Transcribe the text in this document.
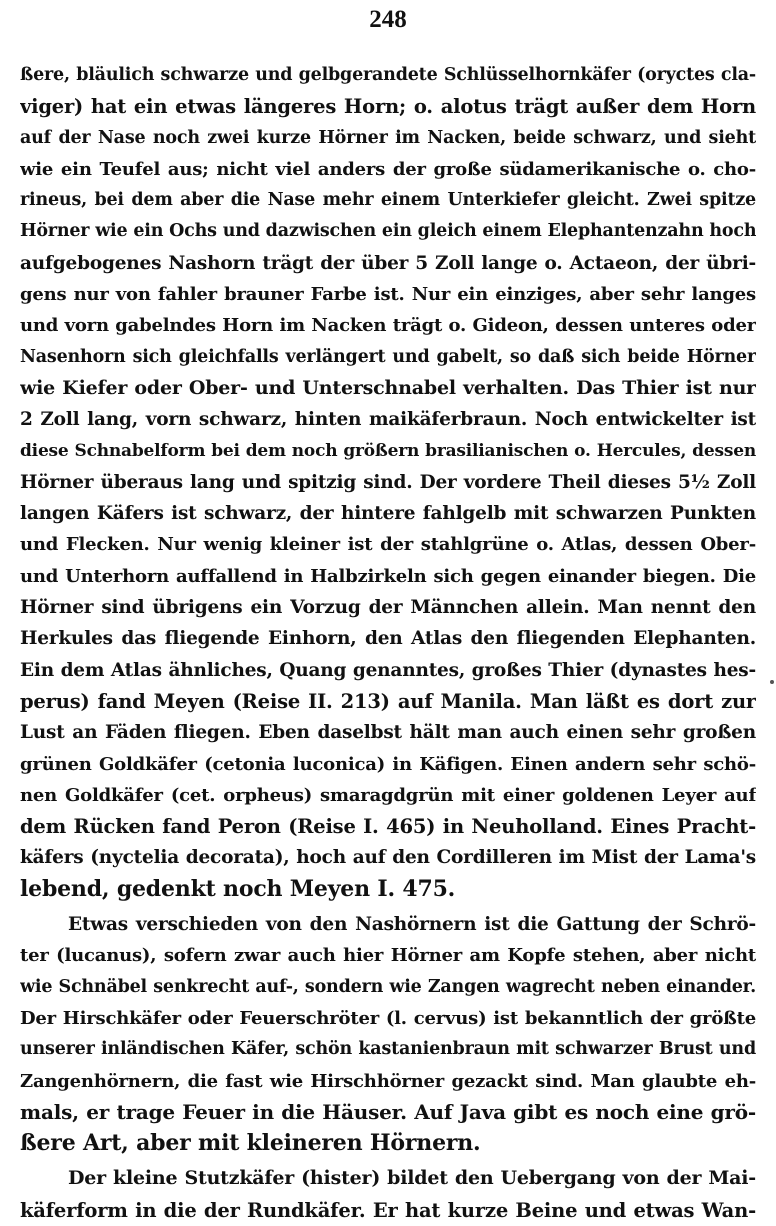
248
ßere, bläulich schwarze und gelbgerandete Schlüsselhornkäfer (oryctes cla-
viger) hat ein etwas längeres Horn; o. alotus trägt außer dem Horn
auf der Nase noch zwei kurze Hörner im Nacken, beide schwarz, und sieht
wie ein Teufel aus; nicht viel anders der große südamerikanische o. cho-
rineus, bei dem aber die Nase mehr einem Unterkiefer gleicht. Zwei spitze
Hörner wie ein Ochs und dazwischen ein gleich einem Elephantenzahn hoch
aufgebogenes Nashorn trägt der über 5 Zoll lange o. Actaeon, der übri-
gens nur von fahler brauner Farbe ist. Nur ein einziges, aber sehr langes
und vorn gabelndes Horn im Nacken trägt o. Gideon, dessen unteres oder
Nasenhorn sich gleichfalls verlängert und gabelt, so daß sich beide Hörner
wie Kiefer oder Ober- und Unterschnabel verhalten. Das Thier ist nur
2 Zoll lang, vorn schwarz, hinten maikäferbraun. Noch entwickelter ist
diese Schnabelform bei dem noch größern brasilianischen o. Hercules, dessen
Hörner überaus lang und spitzig sind. Der vordere Theil dieses 5½ Zoll
langen Käfers ist schwarz, der hintere fahlgelb mit schwarzen Punkten
und Flecken. Nur wenig kleiner ist der stahlgrüne o. Atlas, dessen Ober-
und Unterhorn auffallend in Halbzirkeln sich gegen einander biegen. Die
Hörner sind übrigens ein Vorzug der Männchen allein. Man nennt den
Herkules das fliegende Einhorn, den Atlas den fliegenden Elephanten.
Ein dem Atlas ähnliches, Quang genanntes, großes Thier (dynastes hes-
perus) fand Meyen (Reise II. 213) auf Manila. Man läßt es dort zur
Lust an Fäden fliegen. Eben daselbst hält man auch einen sehr großen
grünen Goldkäfer (cetonia luconica) in Käfigen. Einen andern sehr schö-
nen Goldkäfer (cet. orpheus) smaragdgrün mit einer goldenen Leyer auf
dem Rücken fand Peron (Reise I. 465) in Neuholland. Eines Pracht-
käfers (nyctelia decorata), hoch auf den Cordilleren im Mist der Lama's
lebend, gedenkt noch Meyen I. 475.
Etwas verschieden von den Nashörnern ist die Gattung der Schrö-
ter (lucanus), sofern zwar auch hier Hörner am Kopfe stehen, aber nicht
wie Schnäbel senkrecht auf-, sondern wie Zangen wagrecht neben einander.
Der Hirschkäfer oder Feuerschröter (l. cervus) ist bekanntlich der größte
unserer inländischen Käfer, schön kastanienbraun mit schwarzer Brust und
Zangenhörnern, die fast wie Hirschhörner gezackt sind. Man glaubte eh-
mals, er trage Feuer in die Häuser. Auf Java gibt es noch eine grö-
ßere Art, aber mit kleineren Hörnern.
Der kleine Stutzkäfer (hister) bildet den Uebergang von der Mai-
käferform in die der Rundkäfer. Er hat kurze Beine und etwas Wan-
